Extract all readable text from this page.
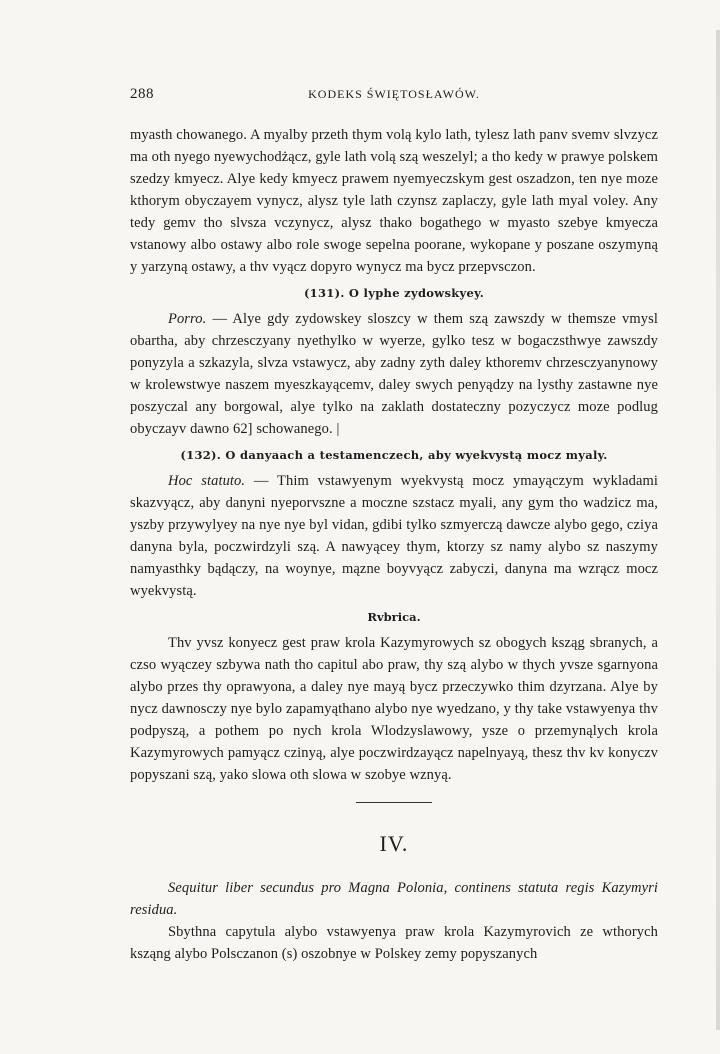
288	KODEKS ŚWIĘTOSŁAWÓW.

myasth chowanego. A myalby przeth thym volą kylo lath, tylesz lath panv svemv slvzycz ma oth nyego nyewychodżącz, gyle lath volą szą weszelyl; a tho kedy w prawye polskem szedzy kmyecz. Alye kedy kmyecz prawem nyemyeczskym gest oszadzon, ten nye moze kthorym obyczayem vynycz, alysz tyle lath czynsz zaplaczy, gyle lath myal voley. Any tedy gemv tho slvsza vczynycz, alysz thako bogathego w myasto szebye kmyecza vstanowy albo ostawy albo role swoge sepelna poorane, wykopane y poszane oszymyną y yarzyną ostawy, a thv vyącz dopyro wynycz ma bycz przepvsczon.

(131). O lyphe zydowskyey.

Porro. — Alye gdy zydowskey sloszcy w them szą zawszdy w themsze vmysl obartha, aby chrzesczyany nyethylko w wyerze, gylko tesz w bogaczsthwye zawszdy ponyzyla a szkazyla, slvza vstawycz, aby zadny zyth daley kthoremv chrzesczyanynowy w krolewstwye naszem myeszkayącemv, daley swych penyądzy na lysthy zastawne nye poszyczal any borgowal, alye tylko na zaklath dostateczny pozyczycz moze podlug obyczayv dawno 62] schowanego. |

(132). O danyaach a testamenczech, aby wyekvystą mocz myaly.

Hoc statuto. — Thim vstawyenym wyekvystą mocz ymayączym wykladami skazvyącz, aby danyni nyeporvszne a moczne szstacz myali, any gym tho wadzicz ma, yszby przywylyey na nye nye byl vidan, gdibi tylko szmyerczą dawcze alybo gego, cziya danyna byla, poczwirdzyli szą. A nawyącey thym, ktorzy sz namy alybo sz naszymy namyasthky bądączy, na woynye, mązne boyvyącz zabyczi, danyna ma wzrącz mocz wyekvystą.

Rvbrica.

Thv yvsz konyecz gest praw krola Kazymyrowych sz obogych ksząg sbranych, a czso wyączey szbywa nath tho capitul abo praw, thy szą alybo w thych yvsze sgarnyona alybo przes thy oprawyona, a daley nye mayą bycz przeczywko thim dzyrzana. Alye by nycz dawnosczy nye bylo zapamyąthano alybo nye wyedzano, y thy take vstawyenya thv podpyszą, a pothem po nych krola Wlodzyslawowy, ysze o przemynąlych krola Kazymyrowych pamyącz czinyą, alye poczwirdzayącz napelnyayą, thesz thv kv konyczv popyszani szą, yako slowa oth slowa w szobye wznyą.

IV.

Sequitur liber secundus pro Magna Polonia, continens statuta regis Kazymyri residua.

Sbythna capytula alybo vstawyenya praw krola Kazymyrovich ze wthorych ksząng alybo Polsczanon (s) oszobnye w Polskey zemy popyszanych
